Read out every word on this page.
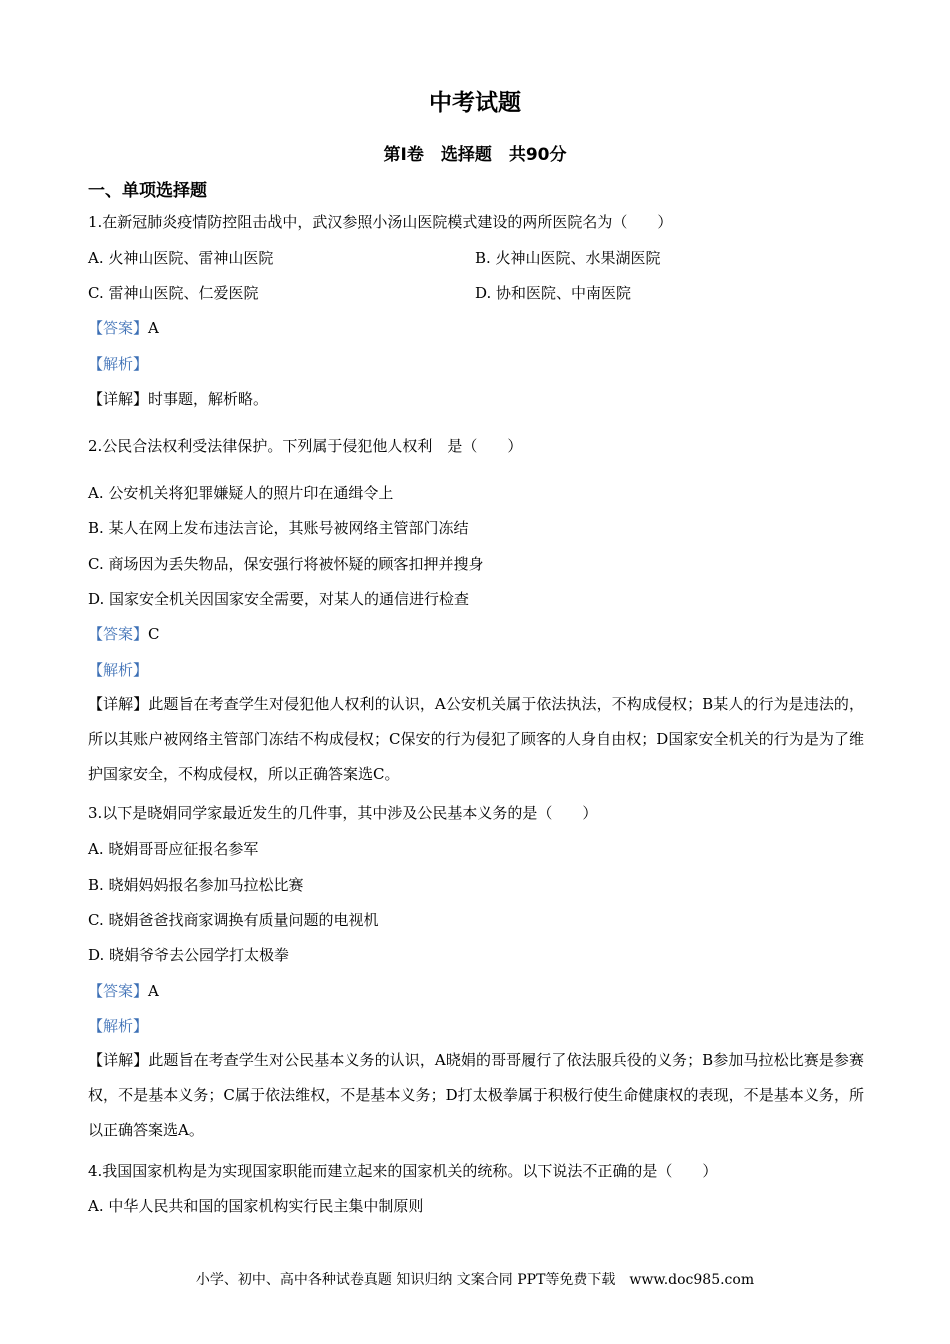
中考试题
第Ⅰ卷　选择题　共90分
一、单项选择题
1.在新冠肺炎疫情防控阻击战中，武汉参照小汤山医院模式建设的两所医院名为（　　）
A. 火神山医院、雷神山医院	B. 火神山医院、水果湖医院
C. 雷神山医院、仁爱医院	D. 协和医院、中南医院
【答案】A
【解析】
【详解】时事题，解析略。
2.公民合法权利受法律保护。下列属于侵犯他人权利　是（　　）
A. 公安机关将犯罪嫌疑人的照片印在通缉令上
B. 某人在网上发布违法言论，其账号被网络主管部门冻结
C. 商场因为丢失物品，保安强行将被怀疑的顾客扣押并搜身
D. 国家安全机关因国家安全需要，对某人的通信进行检查
【答案】C
【解析】
【详解】此题旨在考查学生对侵犯他人权利的认识，A公安机关属于依法执法，不构成侵权；B某人的行为是违法的，所以其账户被网络主管部门冻结不构成侵权；C保安的行为侵犯了顾客的人身自由权；D国家安全机关的行为是为了维护国家安全，不构成侵权，所以正确答案选C。
3.以下是晓娟同学家最近发生的几件事，其中涉及公民基本义务的是（　　）
A. 晓娟哥哥应征报名参军
B. 晓娟妈妈报名参加马拉松比赛
C. 晓娟爸爸找商家调换有质量问题的电视机
D. 晓娟爷爷去公园学打太极拳
【答案】A
【解析】
【详解】此题旨在考查学生对公民基本义务的认识，A晓娟的哥哥履行了依法服兵役的义务；B参加马拉松比赛是参赛权，不是基本义务；C属于依法维权，不是基本义务；D打太极拳属于积极行使生命健康权的表现，不是基本义务，所以正确答案选A。
4.我国国家机构是为实现国家职能而建立起来的国家机关的统称。以下说法不正确的是（　　）
A. 中华人民共和国的国家机构实行民主集中制原则
小学、初中、高中各种试卷真题 知识归纳 文案合同 PPT等免费下载　www.doc985.com
